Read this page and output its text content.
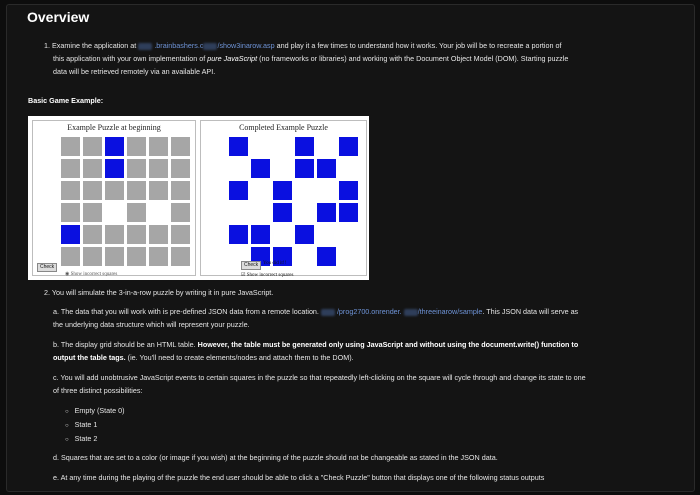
Overview
1. Examine the application at	.brainbashers.c /show3inarow.asp and play it a few times to understand how it works. Your job will be to recreate a portion of
this application with your own implementation of pure JavaScript (no frameworks or libraries) and working with the Document Object Model (DOM). Starting puzzle
data will be retrieved remotely via an available API.
Basic Game Example:
Example Puzzle at beginning
Check
◉ Show incorrect squares
Completed Example Puzzle
Check You did it!!
☑ Show incorrect squares
2. You will simulate the 3-in-a-row puzzle by writing it in pure JavaScript.
a. The data that you will work with is pre-defined JSON data from a remote location.	/prog2700.onrender. /threeinarow/sample. This JSON data will serve as
the underlying data structure which will represent your puzzle.
b. The display grid should be an HTML table. However, the table must be generated only using JavaScript and without using the document.write() function to
output the table tags. (ie. You'll need to create elements/nodes and attach them to the DOM).
c. You will add unobtrusive JavaScript events to certain squares in the puzzle so that repeatedly left-clicking on the square will cycle through and change its state to one
of three distinct possibilities:
○ Empty (State 0)
○ State 1
○ State 2
d. Squares that are set to a color (or image if you wish) at the beginning of the puzzle should not be changeable as stated in the JSON data.
e. At any time during the playing of the puzzle the end user should be able to click a "Check Puzzle" button that displays one of the following status outputs
